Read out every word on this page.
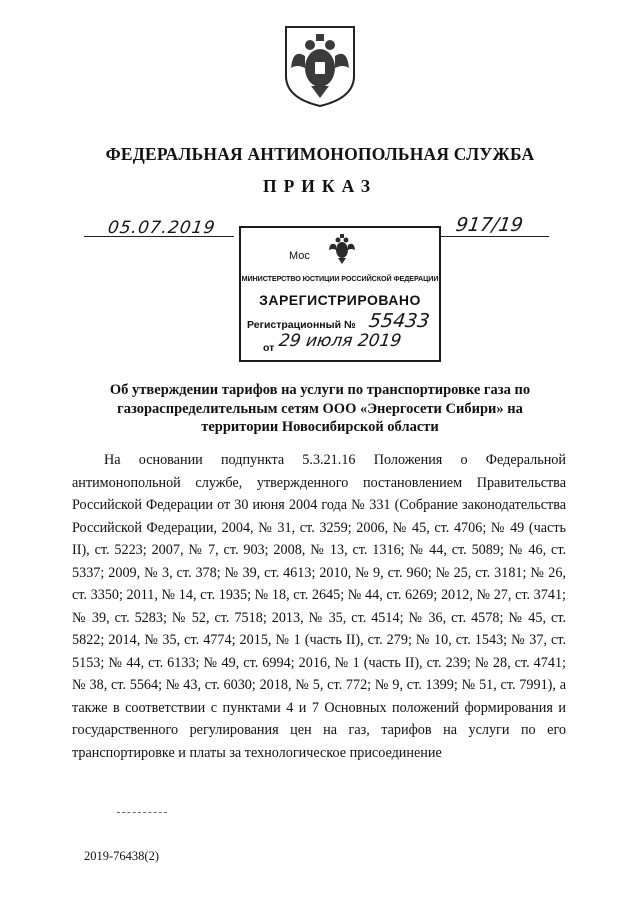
ФЕДЕРАЛЬНАЯ АНТИМОНОПОЛЬНАЯ СЛУЖБА
ПРИКАЗ
05.07.2019	917/19
Мос
МИНИСТЕРСТВО ЮСТИЦИИ РОССИЙСКОЙ ФЕДЕРАЦИИ
ЗАРЕГИСТРИРОВАНО
Регистрационный № 55433
от 29 июля 2019
Об утверждении тарифов на услуги по транспортировке газа по газораспределительным сетям ООО «Энергосети Сибири» на территории Новосибирской области
На основании подпункта 5.3.21.16 Положения о Федеральной антимонопольной службе, утвержденного постановлением Правительства Российской Федерации от 30 июня 2004 года № 331 (Собрание законодательства Российской Федерации, 2004, № 31, ст. 3259; 2006, № 45, ст. 4706; № 49 (часть II), ст. 5223; 2007, № 7, ст. 903; 2008, № 13, ст. 1316; № 44, ст. 5089; № 46, ст. 5337; 2009, № 3, ст. 378; № 39, ст. 4613; 2010, № 9, ст. 960; № 25, ст. 3181; № 26, ст. 3350; 2011, № 14, ст. 1935; № 18, ст. 2645; № 44, ст. 6269; 2012, № 27, ст. 3741; № 39, ст. 5283; № 52, ст. 7518; 2013, № 35, ст. 4514; № 36, ст. 4578; № 45, ст. 5822; 2014, № 35, ст. 4774; 2015, № 1 (часть II), ст. 279; № 10, ст. 1543; № 37, ст. 5153; № 44, ст. 6133; № 49, ст. 6994; 2016, № 1 (часть II), ст. 239; № 28, ст. 4741; № 38, ст. 5564; № 43, ст. 6030; 2018, № 5, ст. 772; № 9, ст. 1399; № 51, ст. 7991), а также в соответствии с пунктами 4 и 7 Основных положений формирования и государственного регулирования цен на газ, тарифов на услуги по его транспортировке и платы за технологическое присоединение
2019-76438(2)
